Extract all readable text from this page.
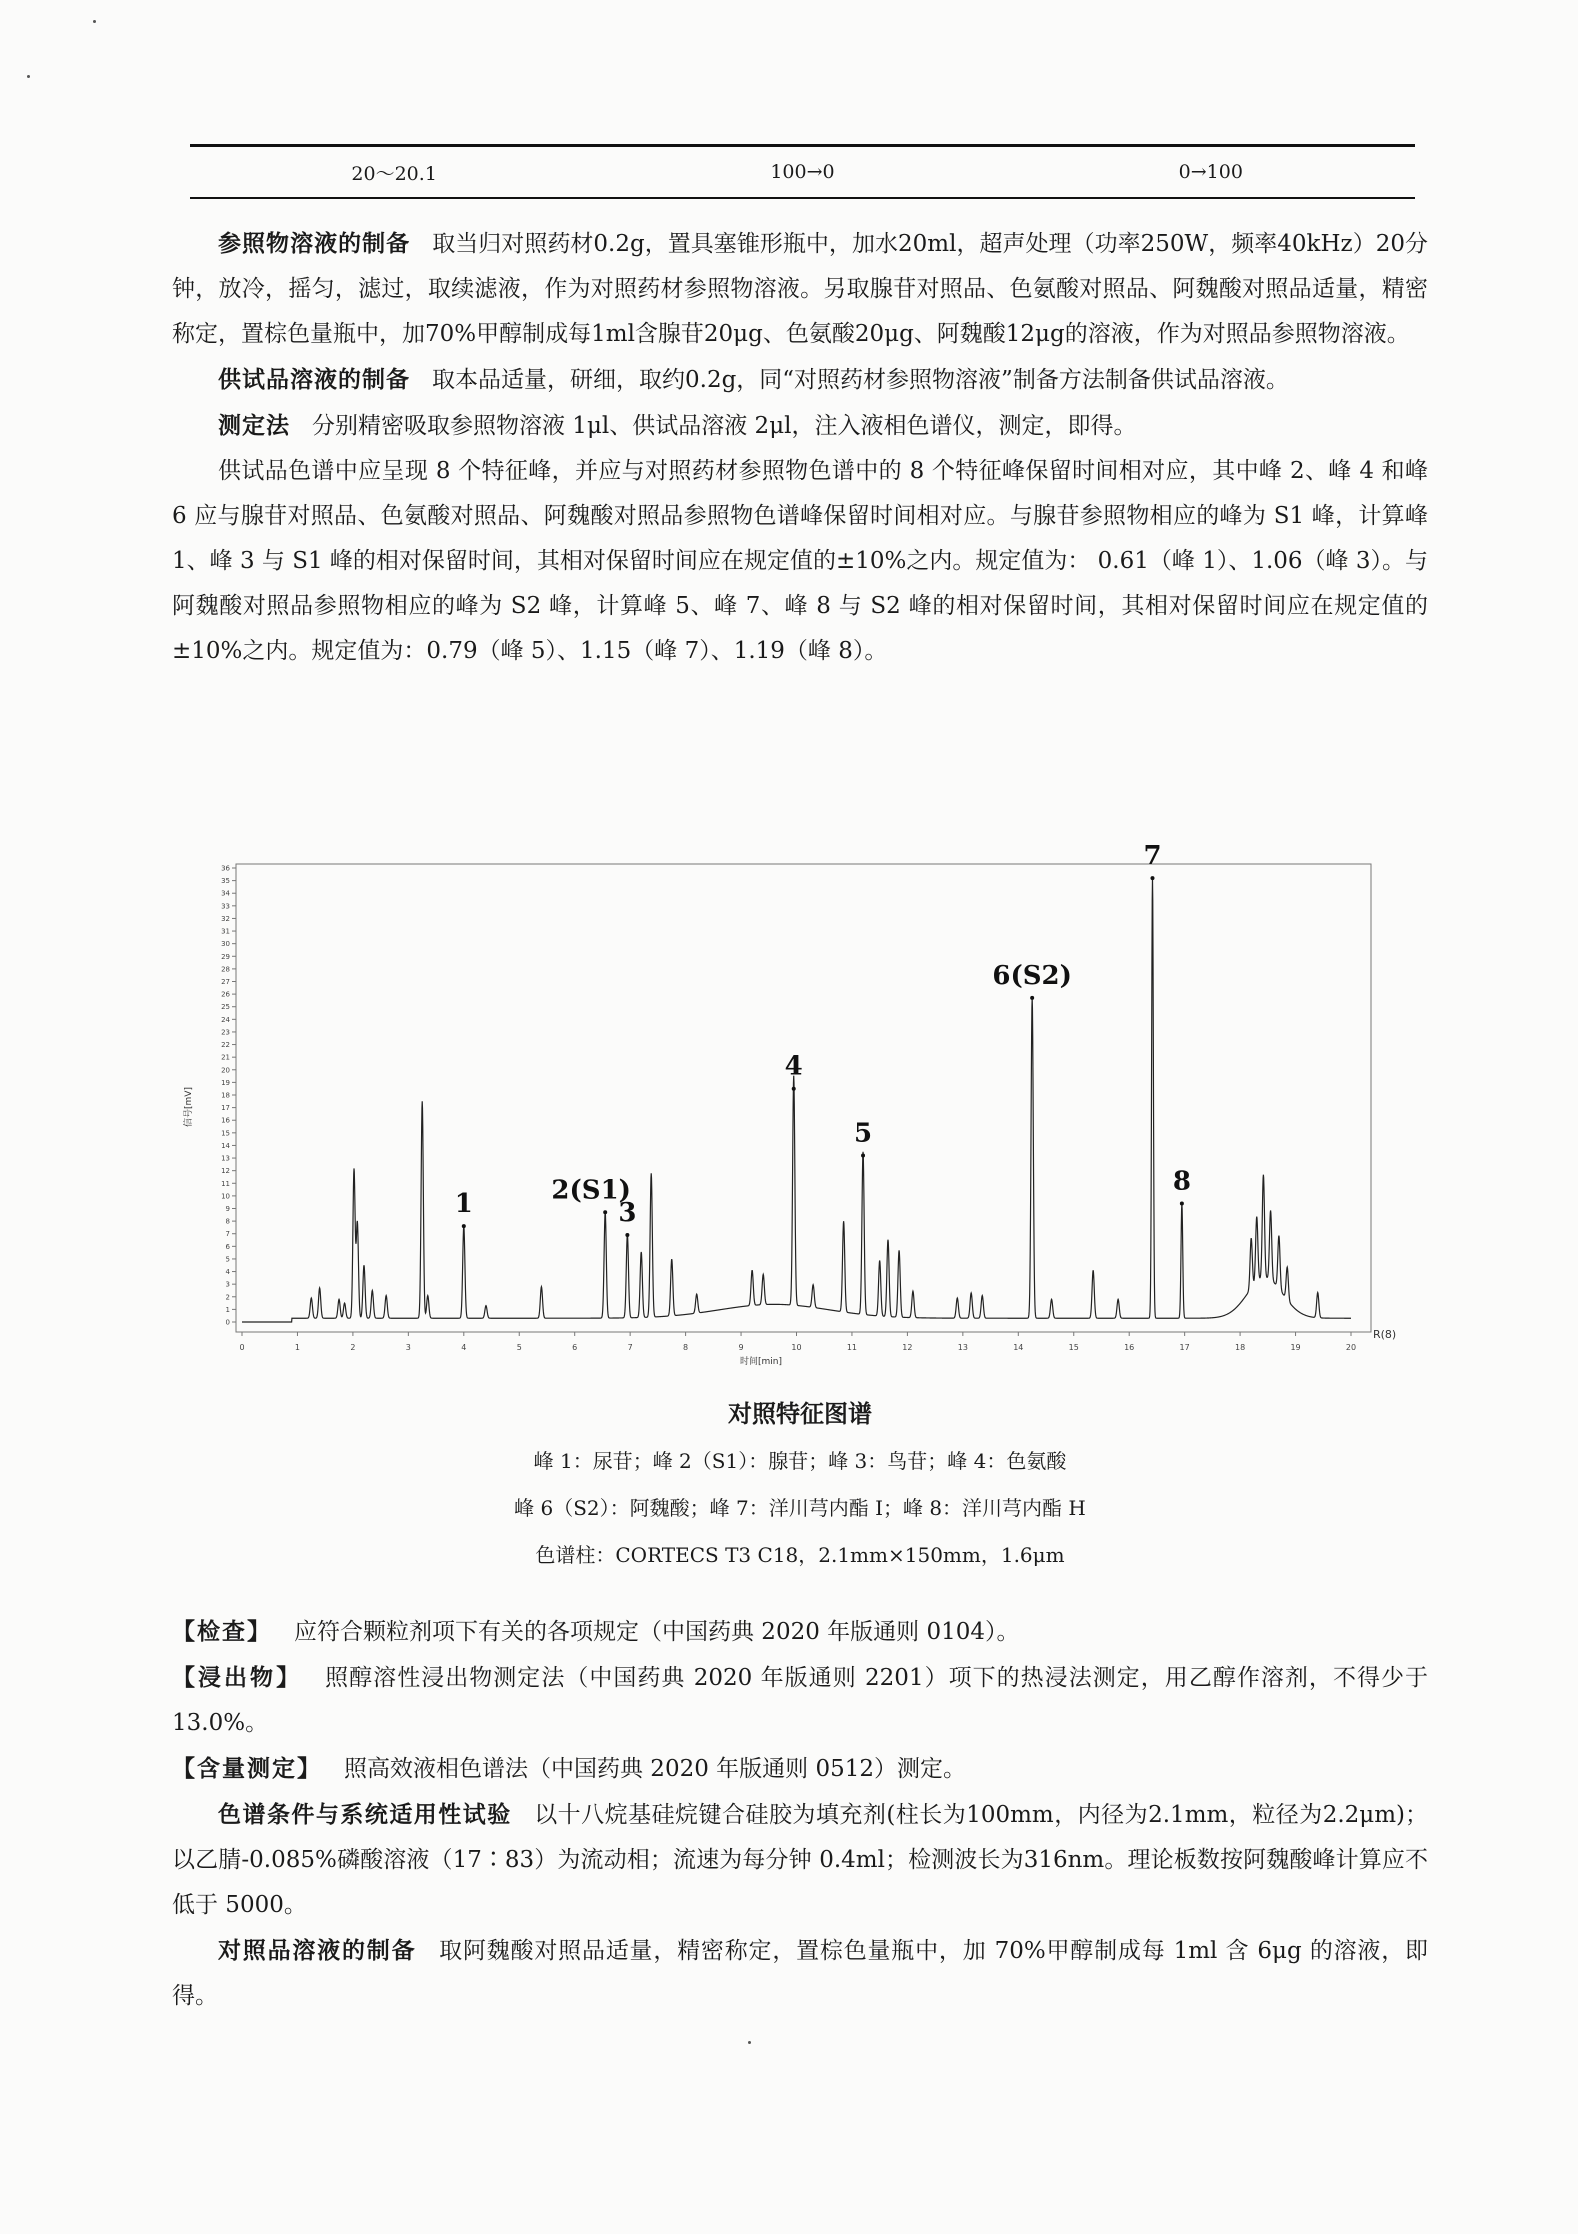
20～20.1	100→0	0→100

参照物溶液的制备 取当归对照药材0.2g，置具塞锥形瓶中，加水20ml，超声处理（功率250W，频率40kHz）20分钟，放冷，摇匀，滤过，取续滤液，作为对照药材参照物溶液。另取腺苷对照品、色氨酸对照品、阿魏酸对照品适量，精密称定，置棕色量瓶中，加70%甲醇制成每1ml含腺苷20μg、色氨酸20μg、阿魏酸12μg的溶液，作为对照品参照物溶液。

供试品溶液的制备 取本品适量，研细，取约0.2g，同“对照药材参照物溶液”制备方法制备供试品溶液。

测定法 分别精密吸取参照物溶液 1μl、供试品溶液 2μl，注入液相色谱仪，测定，即得。

供试品色谱中应呈现 8 个特征峰，并应与对照药材参照物色谱中的 8 个特征峰保留时间相对应，其中峰 2、峰 4 和峰 6 应与腺苷对照品、色氨酸对照品、阿魏酸对照品参照物色谱峰保留时间相对应。与腺苷参照物相应的峰为 S1 峰，计算峰 1、峰 3 与 S1 峰的相对保留时间，其相对保留时间应在规定值的±10%之内。规定值为： 0.61（峰 1）、1.06（峰 3）。与阿魏酸对照品参照物相应的峰为 S2 峰，计算峰 5、峰 7、峰 8 与 S2 峰的相对保留时间，其相对保留时间应在规定值的±10%之内。规定值为：0.79（峰 5）、1.15（峰 7）、1.19（峰 8）。

0
1
2
3
4
5
6
7
8
9
10
11
12
13
14
15
16
17
18
19
20
21
22
23
24
25
26
27
28
29
30
31
32
33
34
35
36
0	1	2	3	4	5	6	7	8	9	10	11	12	13	14	15	16	17	18	19	20
1	2(S1)
3
4
5
6(S2)
7
8
信号[mV]
时间[min]
R(8)
对照特征图谱
峰 1：尿苷；峰 2（S1）：腺苷；峰 3：鸟苷；峰 4：色氨酸
峰 6（S2）：阿魏酸；峰 7：洋川芎内酯 I；峰 8：洋川芎内酯 H
色谱柱：CORTECS T3 C18，2.1mm×150mm，1.6μm

【检查】 应符合颗粒剂项下有关的各项规定（中国药典 2020 年版通则 0104）。

【浸出物】 照醇溶性浸出物测定法（中国药典 2020 年版通则 2201）项下的热浸法测定，用乙醇作溶剂，不得少于 13.0%。

【含量测定】 照高效液相色谱法（中国药典 2020 年版通则 0512）测定。

色谱条件与系统适用性试验 以十八烷基硅烷键合硅胶为填充剂(柱长为100mm，内径为2.1mm，粒径为2.2μm)；以乙腈-0.085%磷酸溶液（17∶83）为流动相；流速为每分钟 0.4ml；检测波长为316nm。理论板数按阿魏酸峰计算应不低于 5000。

对照品溶液的制备 取阿魏酸对照品适量，精密称定，置棕色量瓶中，加 70%甲醇制成每 1ml 含 6μg 的溶液，即得。
